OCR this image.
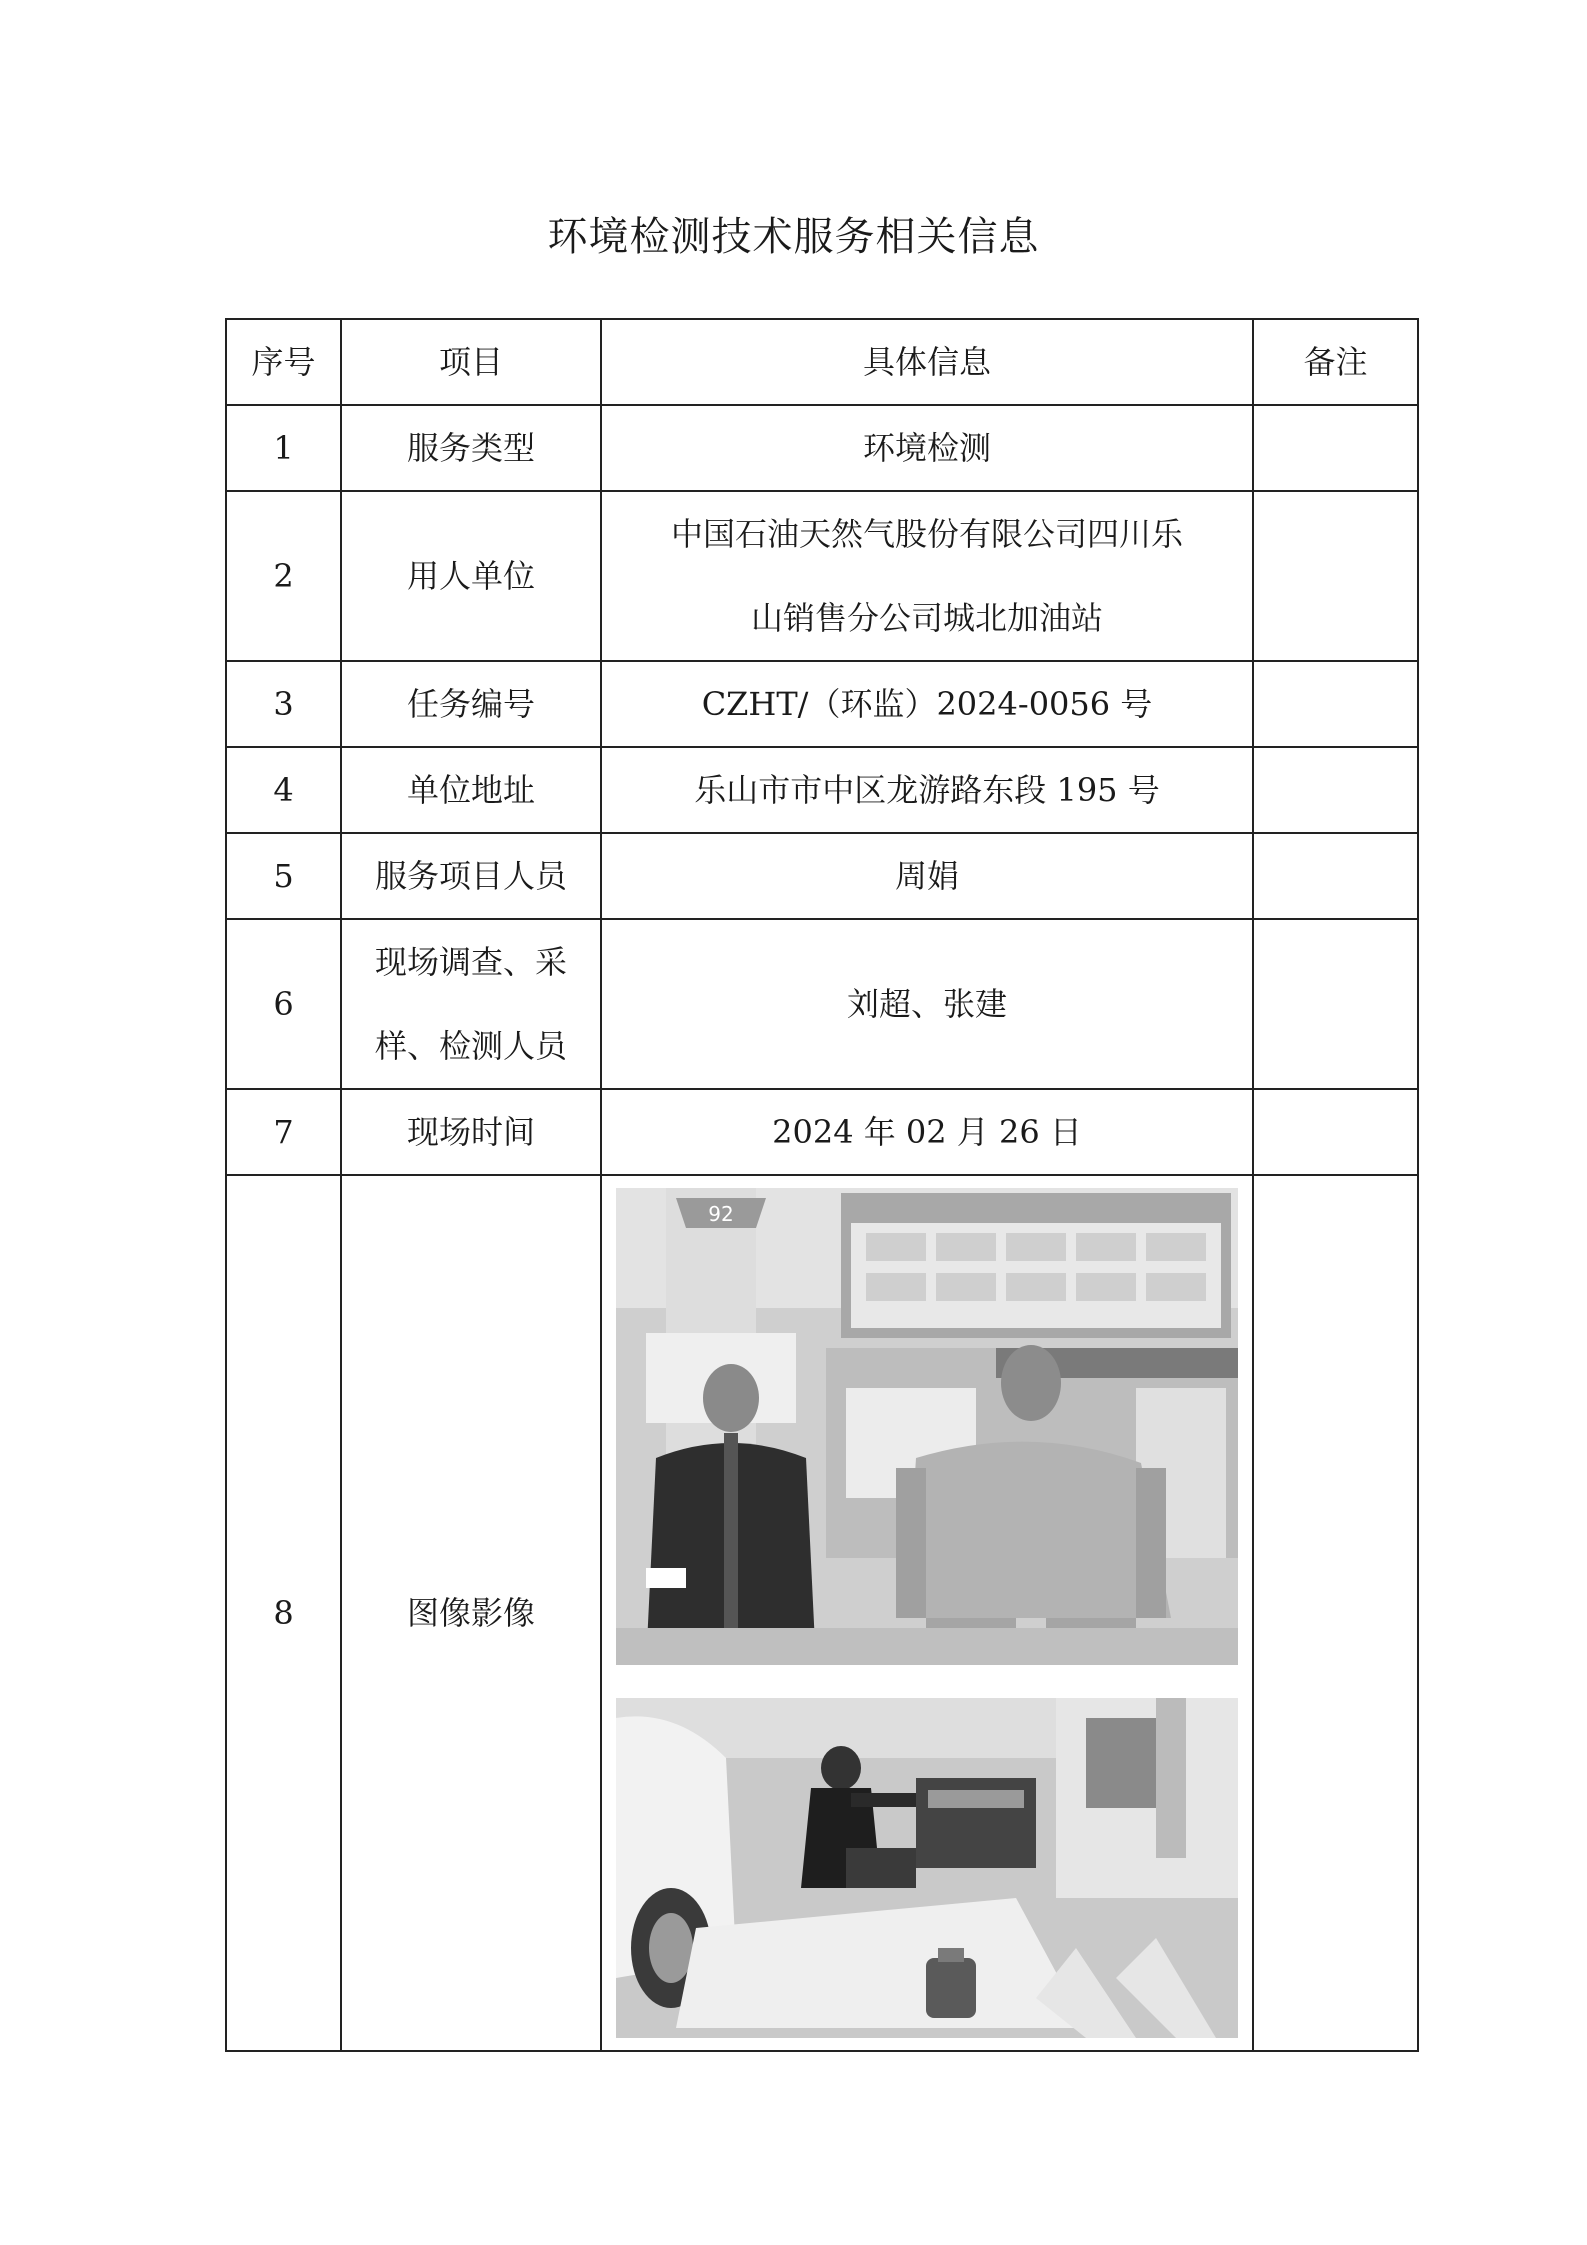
环境检测技术服务相关信息
序号	项目	具体信息	备注
1	服务类型	环境检测	
2	用人单位	中国石油天然气股份有限公司四川乐
山销售分公司城北加油站	

3	任务编号	CZHT/（环监）2024-0056 号	
4	单位地址	乐山市市中区龙游路东段 195 号	
5	服务项目人员	周娟	
6	现场调查、采
样、检测人员	刘超、张建	
7	现场时间	2024 年 02 月 26 日	
8	图像影像	92	
